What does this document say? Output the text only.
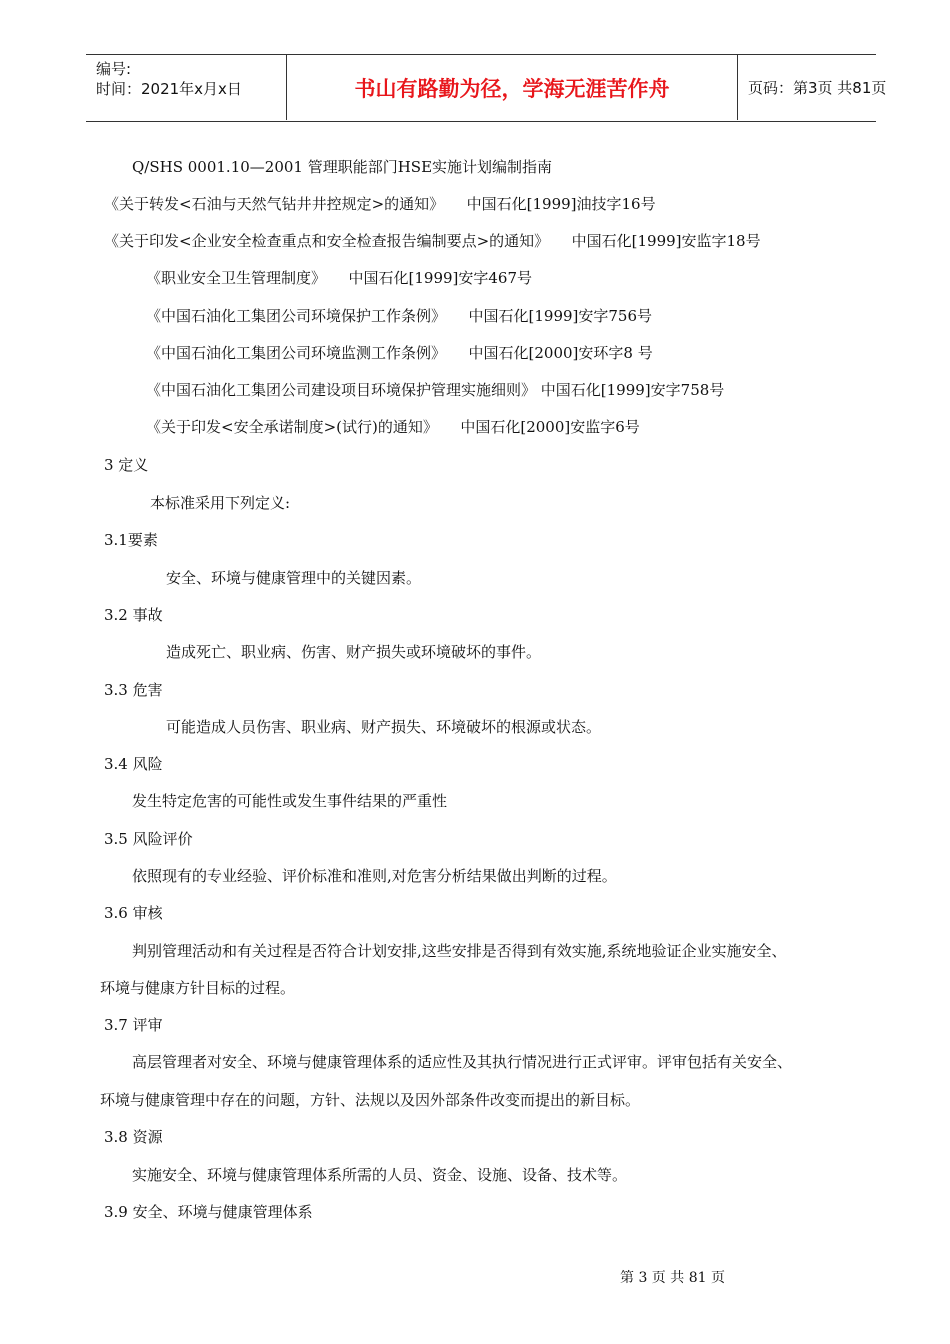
编号:
时间：2021年x月x日	书山有路勤为径，学海无涯苦作舟	页码：第3页 共81页
Q/SHS 0001.10—2001 管理职能部门HSE实施计划编制指南
《关于转发<石油与天然气钻井井控规定>的通知》　　中国石化[1999]油技字16号
《关于印发<企业安全检查重点和安全检查报告编制要点>的通知》　　中国石化[1999]安监字18号
《职业安全卫生管理制度》　　中国石化[1999]安字467号
《中国石油化工集团公司环境保护工作条例》　　中国石化[1999]安字756号
《中国石油化工集团公司环境监测工作条例》　　中国石化[2000]安环字8 号
《中国石油化工集团公司建设项目环境保护管理实施细则》 中国石化[1999]安字758号
《关于印发<安全承诺制度>(试行)的通知》　　中国石化[2000]安监字6号
3 定义
本标准采用下列定义:
3.1要素
安全、环境与健康管理中的关键因素。
3.2 事故
造成死亡、职业病、伤害、财产损失或环境破坏的事件。
3.3 危害
可能造成人员伤害、职业病、财产损失、环境破坏的根源或状态。
3.4 风险
发生特定危害的可能性或发生事件结果的严重性
3.5 风险评价
依照现有的专业经验、评价标准和准则,对危害分析结果做出判断的过程。
3.6 审核
判别管理活动和有关过程是否符合计划安排,这些安排是否得到有效实施,系统地验证企业实施安全、
环境与健康方针目标的过程。
3.7 评审
高层管理者对安全、环境与健康管理体系的适应性及其执行情况进行正式评审。评审包括有关安全、
环境与健康管理中存在的问题，方针、法规以及因外部条件改变而提出的新目标。
3.8 资源
实施安全、环境与健康管理体系所需的人员、资金、设施、设备、技术等。
3.9 安全、环境与健康管理体系
第 3 页 共 81 页
